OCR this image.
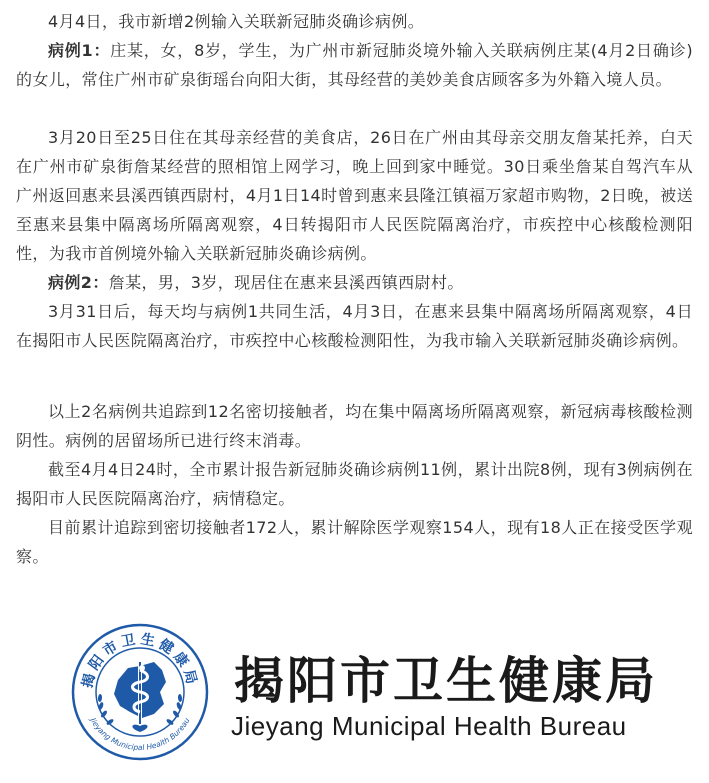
4月4日，我市新增2例输入关联新冠肺炎确诊病例。

病例1：庄某，女，8岁，学生，为广州市新冠肺炎境外输入关联病例庄某(4月2日确诊)的女儿，常住广州市矿泉街瑶台向阳大街，其母经营的美妙美食店顾客多为外籍入境人员。

3月20日至25日住在其母亲经营的美食店，26日在广州由其母亲交朋友詹某托养，白天在广州市矿泉街詹某经营的照相馆上网学习，晚上回到家中睡觉。30日乘坐詹某自驾汽车从广州返回惠来县溪西镇西尉村，4月1日14时曾到惠来县隆江镇福万家超市购物，2日晚，被送至惠来县集中隔离场所隔离观察，4日转揭阳市人民医院隔离治疗，市疾控中心核酸检测阳性，为我市首例境外输入关联新冠肺炎确诊病例。

病例2：詹某，男，3岁，现居住在惠来县溪西镇西尉村。

3月31日后，每天均与病例1共同生活，4月3日，在惠来县集中隔离场所隔离观察，4日在揭阳市人民医院隔离治疗，市疾控中心核酸检测阳性，为我市输入关联新冠肺炎确诊病例。

以上2名病例共追踪到12名密切接触者，均在集中隔离场所隔离观察，新冠病毒核酸检测阴性。病例的居留场所已进行终末消毒。

截至4月4日24时，全市累计报告新冠肺炎确诊病例11例，累计出院8例，现有3例病例在揭阳市人民医院隔离治疗，病情稳定。

目前累计追踪到密切接触者172人，累计解除医学观察154人，现有18人正在接受医学观察。

揭阳市卫生健康局
Jieyang Municipal Health Bureau
揭阳市卫生健康局
Jieyang Municipal Health Bureau
